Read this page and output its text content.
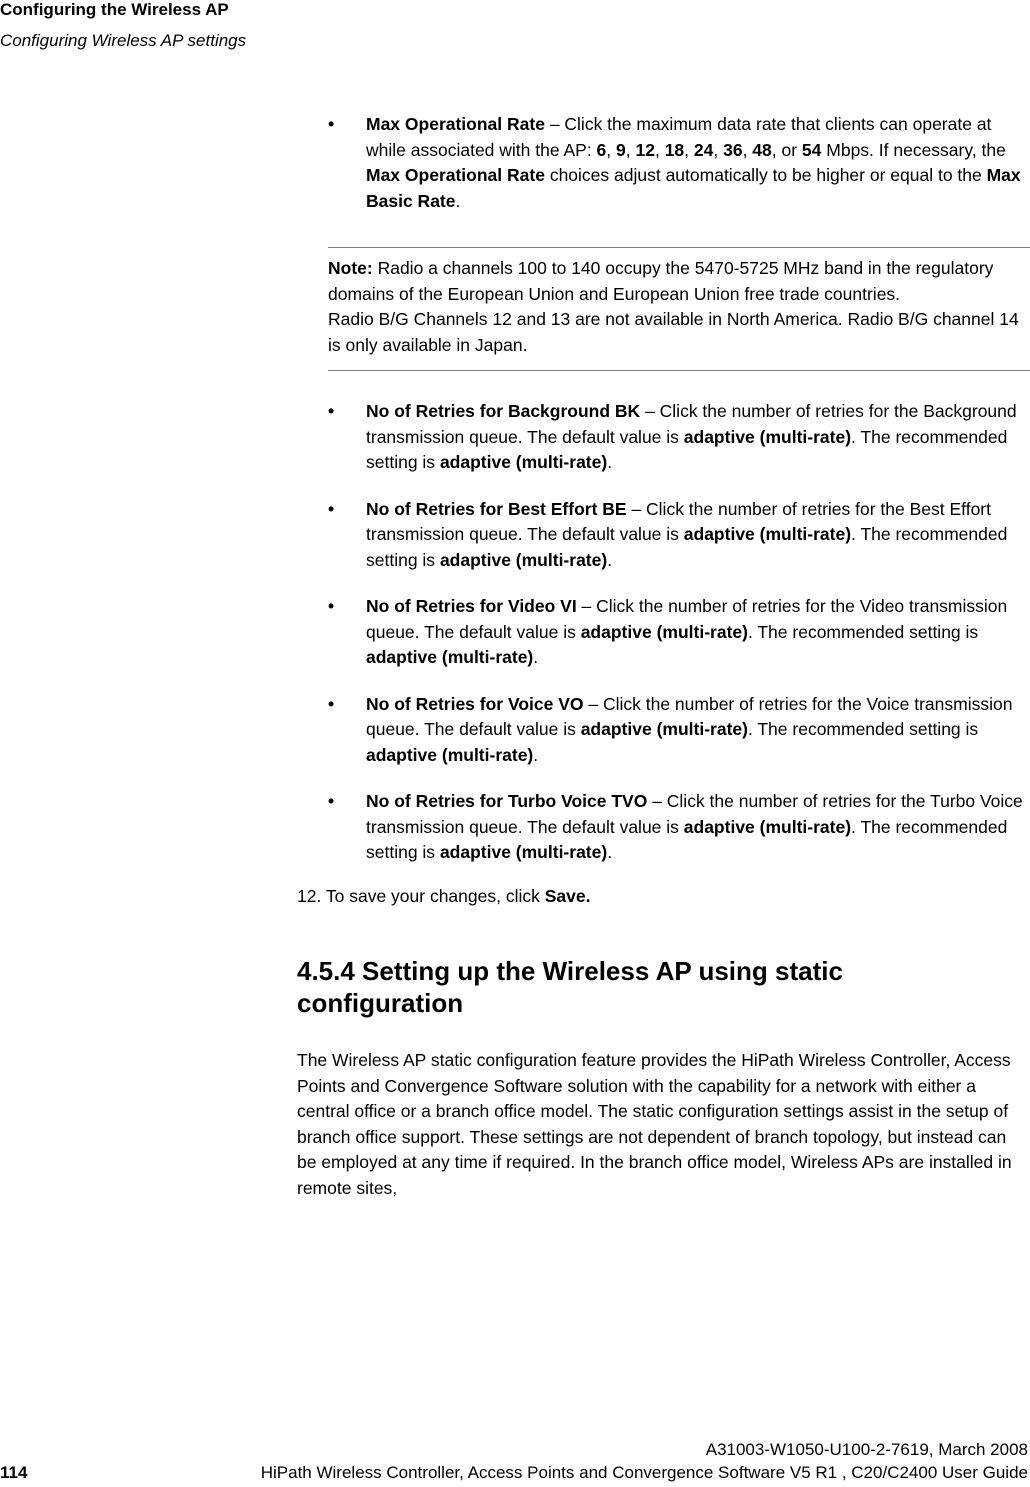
Configuring the Wireless AP
Configuring Wireless AP settings
• Max Operational Rate – Click the maximum data rate that clients can operate at while associated with the AP: 6, 9, 12, 18, 24, 36, 48, or 54 Mbps. If necessary, the Max Operational Rate choices adjust automatically to be higher or equal to the Max Basic Rate.

Note: Radio a channels 100 to 140 occupy the 5470-5725 MHz band in the regulatory domains of the European Union and European Union free trade countries.

Radio B/G Channels 12 and 13 are not available in North America. Radio B/G channel 14 is only available in Japan.

• No of Retries for Background BK – Click the number of retries for the Background transmission queue. The default value is adaptive (multi-rate). The recommended setting is adaptive (multi-rate).

• No of Retries for Best Effort BE – Click the number of retries for the Best Effort transmission queue. The default value is adaptive (multi-rate). The recommended setting is adaptive (multi-rate).

• No of Retries for Video VI – Click the number of retries for the Video transmission queue. The default value is adaptive (multi-rate). The recommended setting is adaptive (multi-rate).

• No of Retries for Voice VO – Click the number of retries for the Voice transmission queue. The default value is adaptive (multi-rate). The recommended setting is adaptive (multi-rate).

• No of Retries for Turbo Voice TVO – Click the number of retries for the Turbo Voice transmission queue. The default value is adaptive (multi-rate). The recommended setting is adaptive (multi-rate).

12. To save your changes, click Save.

4.5.4 Setting up the Wireless AP using static configuration

The Wireless AP static configuration feature provides the HiPath Wireless Controller, Access Points and Convergence Software solution with the capability for a network with either a central office or a branch office model. The static configuration settings assist in the setup of branch office support. These settings are not dependent of branch topology, but instead can be employed at any time if required. In the branch office model, Wireless APs are installed in remote sites,

A31003-W1050-U100-2-7619, March 2008
114	HiPath Wireless Controller, Access Points and Convergence Software V5 R1 , C20/C2400 User Guide
